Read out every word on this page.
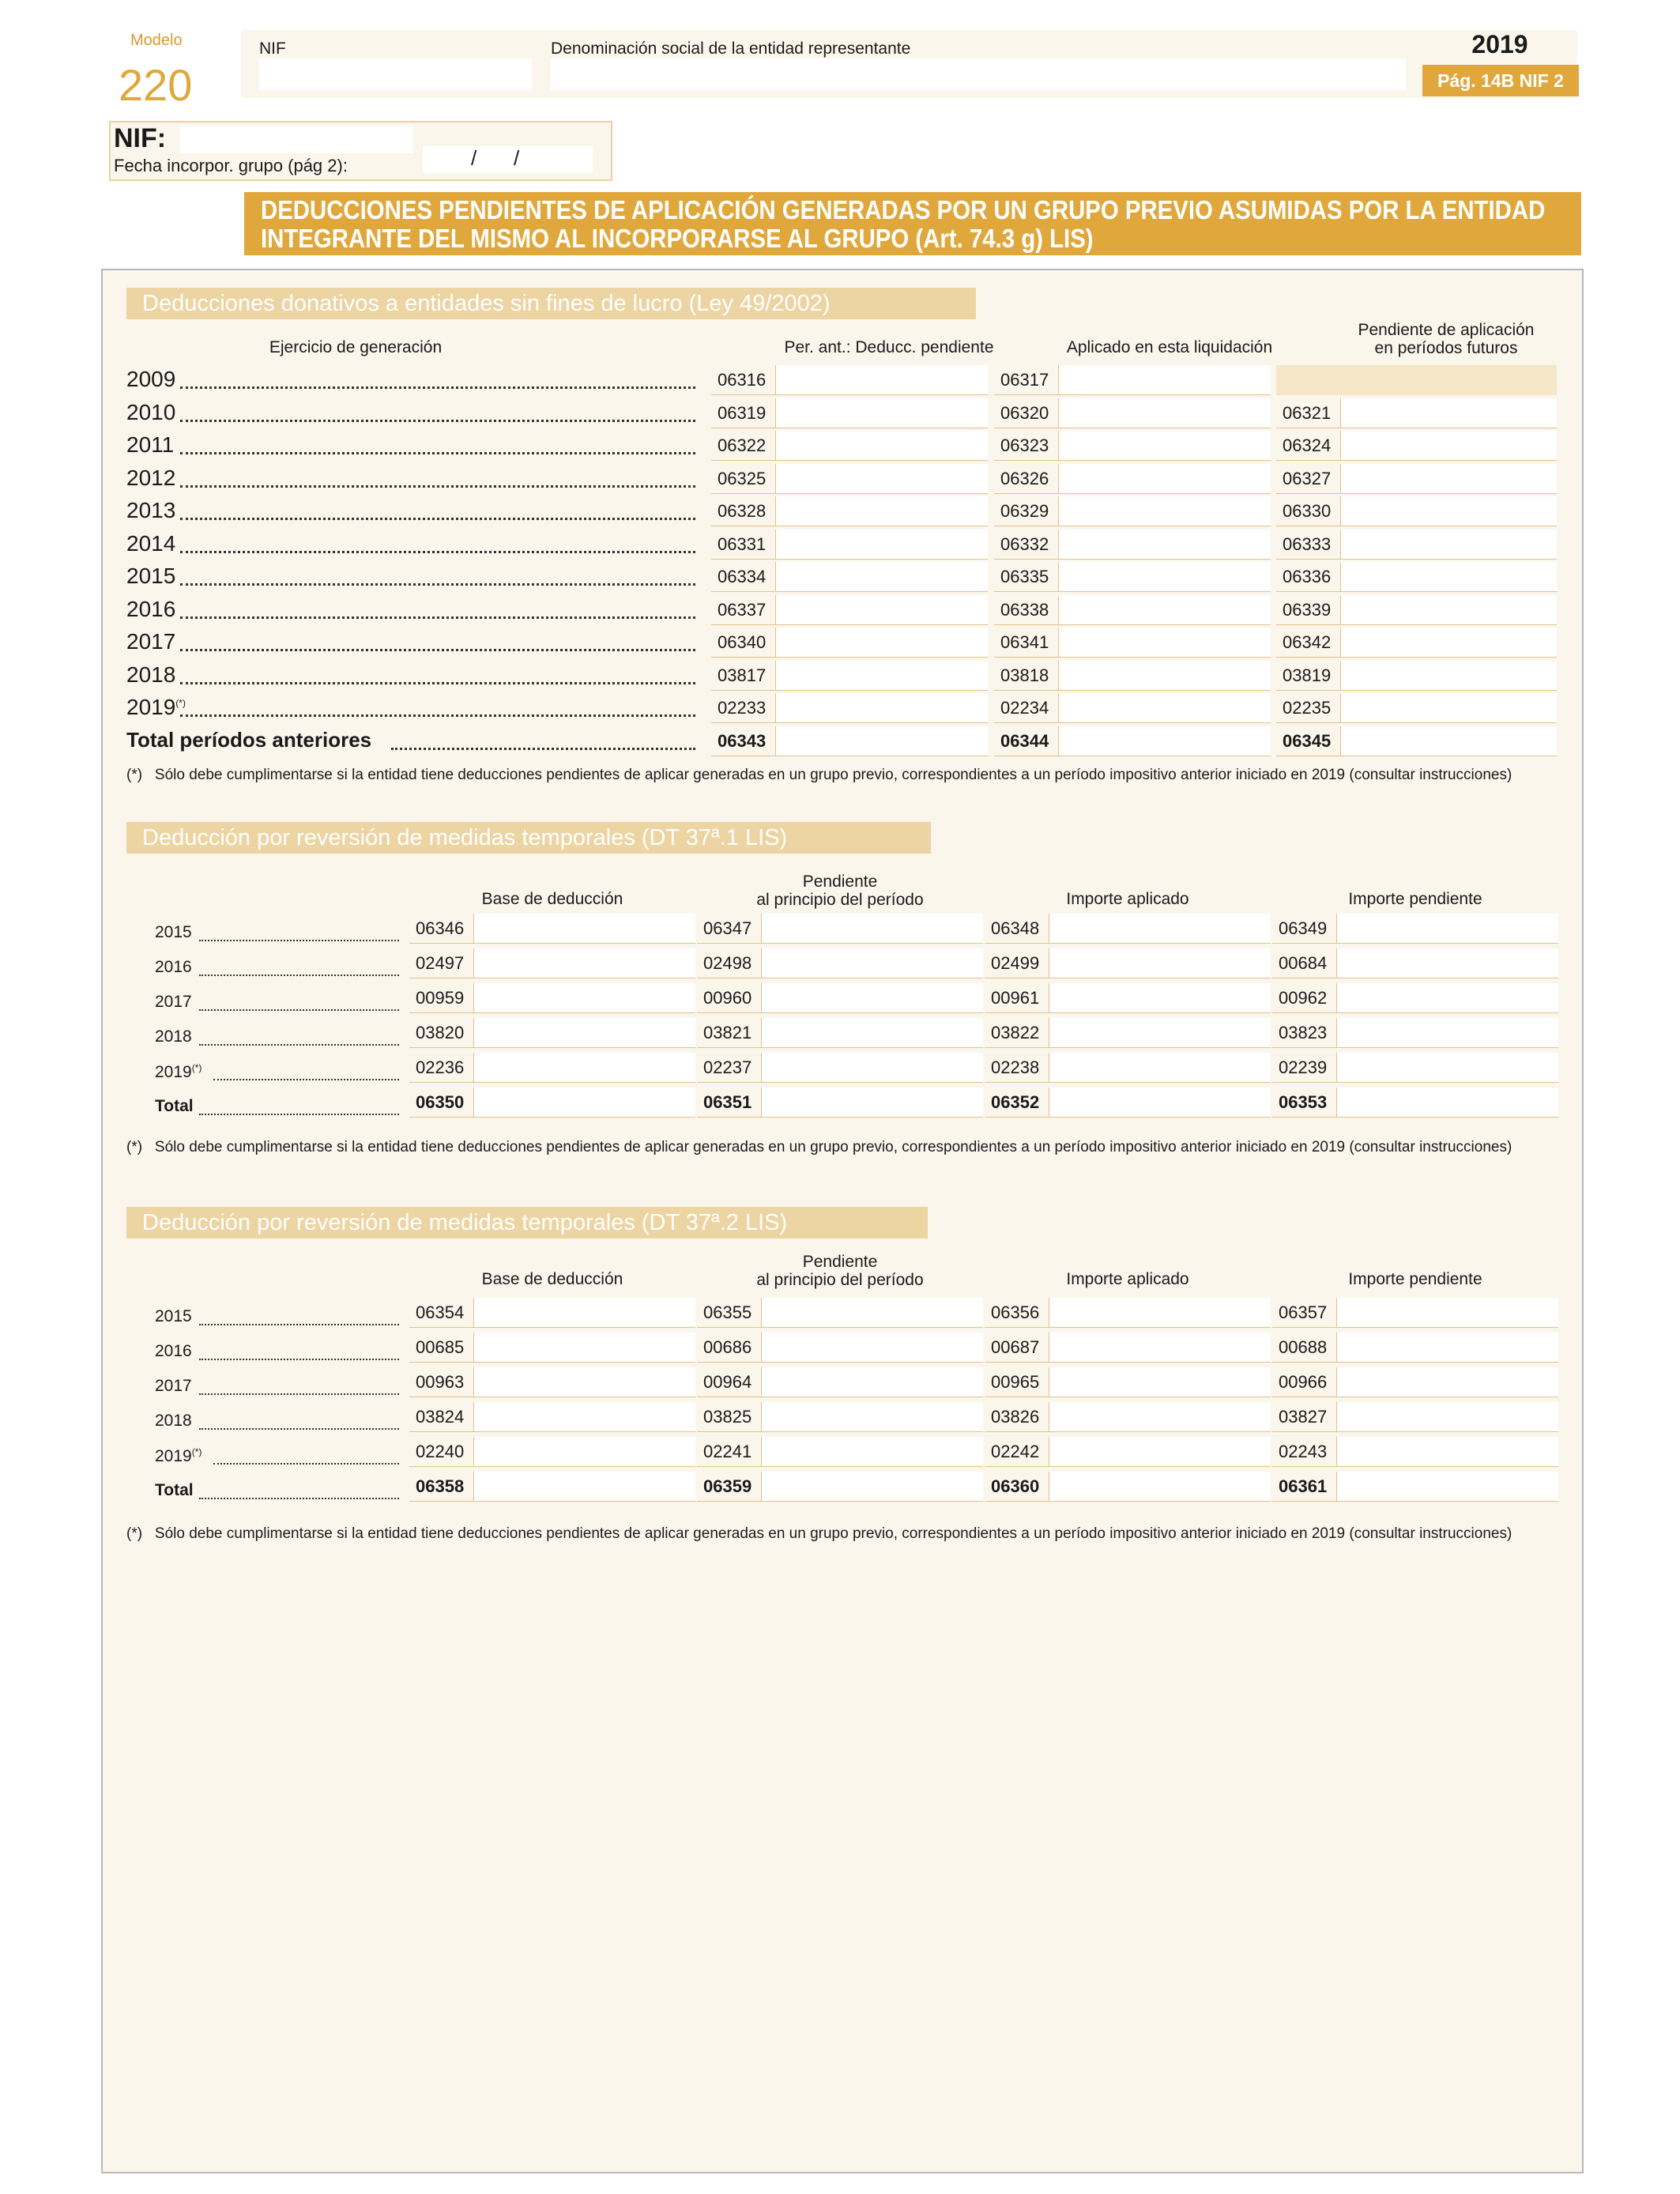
Modelo
220
NIF	Denominación social de la entidad representante	2019
Pág. 14B NIF 2 bis
NIF:
Fecha incorpor. grupo (pág 2):	/ /
DEDUCCIONES PENDIENTES DE APLICACIÓN GENERADAS POR UN GRUPO PREVIO ASUMIDAS POR LA ENTIDAD
INTEGRANTE DEL MISMO AL INCORPORARSE AL GRUPO (Art. 74.3 g) LIS)
Deducciones donativos a entidades sin fines de lucro (Ley 49/2002)
Ejercicio de generación	Per. ant.: Deducc. pendiente	Aplicado en esta liquidación
Pendiente de aplicación
en períodos futuros
2009	06316	06317
2010	06319	06320	06321
2011	06322	06323	06324
2012	06325	06326	06327
2013	06328	06329	06330
2014	06331	06332	06333
2015	06334	06335	06336
2016	06337	06338	06339
2017	06340	06341	06342
2018	03817	03818	03819
2019(*)	02233	02234	02235
Total períodos anteriores	06343	06344	06345
(*) Sólo debe cumplimentarse si la entidad tiene deducciones pendientes de aplicar generadas en un grupo previo, correspondientes a un período impositivo anterior iniciado en 2019 (consultar instrucciones)
Deducción por reversión de medidas temporales (DT 37ª.1 LIS)
Base de deducción	Importe aplicado	Importe pendiente
Pendiente
al principio del período
2015	06346	06347	06348	06349
2016	02497	02498	02499	00684
2017	00959	00960	00961	00962
2018	03820	03821	03822	03823
2019(*)	02236	02237	02238	02239
Total	06350	06351	06352	06353
(*) Sólo debe cumplimentarse si la entidad tiene deducciones pendientes de aplicar generadas en un grupo previo, correspondientes a un período impositivo anterior iniciado en 2019 (consultar instrucciones)
Deducción por reversión de medidas temporales (DT 37ª.2 LIS)
Base de deducción	Importe aplicado	Importe pendiente
Pendiente
al principio del período
2015	06354	06355	06356	06357
2016	00685	00686	00687	00688
2017	00963	00964	00965	00966
2018	03824	03825	03826	03827
2019(*)	02240	02241	02242	02243
Total	06358	06359	06360	06361
(*) Sólo debe cumplimentarse si la entidad tiene deducciones pendientes de aplicar generadas en un grupo previo, correspondientes a un período impositivo anterior iniciado en 2019 (consultar instrucciones)
